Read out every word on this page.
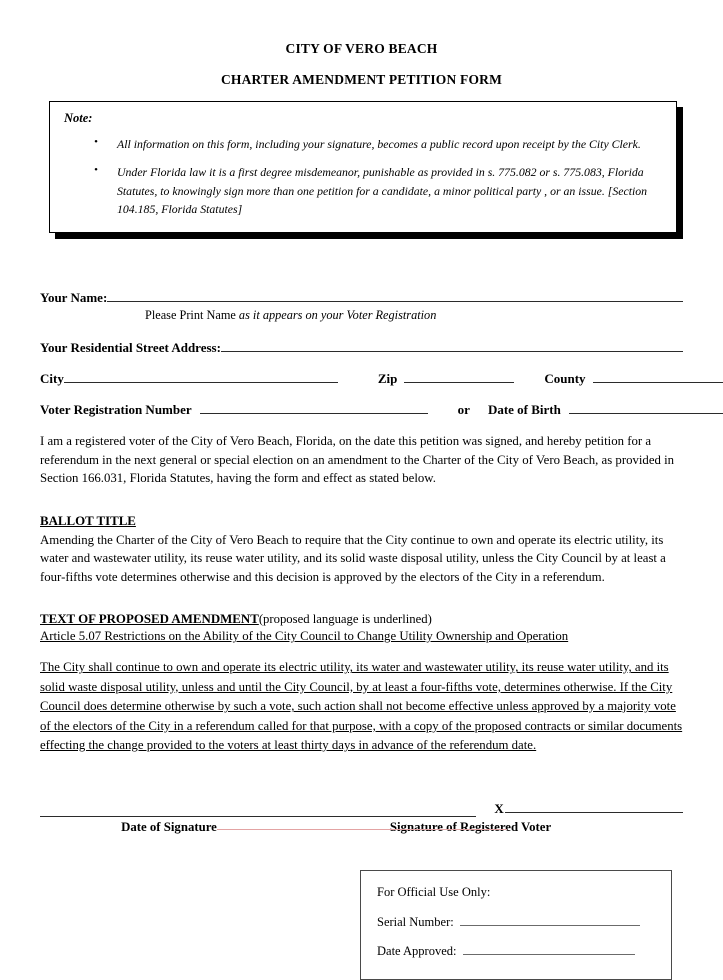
CITY OF VERO BEACH
CHARTER AMENDMENT PETITION FORM
Note:
• All information on this form, including your signature, becomes a public record upon receipt by the City Clerk.
• Under Florida law it is a first degree misdemeanor, punishable as provided in s. 775.082 or s. 775.083, Florida Statutes, to knowingly sign more than one petition for a candidate, a minor political party , or an issue. [Section 104.185, Florida Statutes]
Your Name:
Please Print Name as it appears on your Voter Registration
Your Residential Street Address:
City	Zip	County
Voter Registration Number	or Date of Birth

I am a registered voter of the City of Vero Beach, Florida, on the date this petition was signed, and hereby petition for a referendum in the next general or special election on an amendment to the Charter of the City of Vero Beach, as provided in Section 166.031, Florida Statutes, having the form and effect as stated below.

BALLOT TITLE

Amending the Charter of the City of Vero Beach to require that the City continue to own and operate its electric utility, its water and wastewater utility, its reuse water utility, and its solid waste disposal utility, unless the City Council by at least a four-fifths vote determines otherwise and this decision is approved by the electors of the City in a referendum.

TEXT OF PROPOSED AMENDMENT(proposed language is underlined)

Article 5.07 Restrictions on the Ability of the City Council to Change Utility Ownership and Operation

The City shall continue to own and operate its electric utility, its water and wastewater utility, its reuse water utility, and its solid waste disposal utility, unless and until the City Council, by at least a four-fifths vote, determines otherwise. If the City Council does determine otherwise by such a vote, such action shall not become effective unless approved by a majority vote of the electors of the City in a referendum called for that purpose, with a copy of the proposed contracts or similar documents effecting the change provided to the voters at least thirty days in advance of the referendum date.

X
Date of Signature	Signature of Registered Voter
For Official Use Only:
Serial Number:
Date Approved:
